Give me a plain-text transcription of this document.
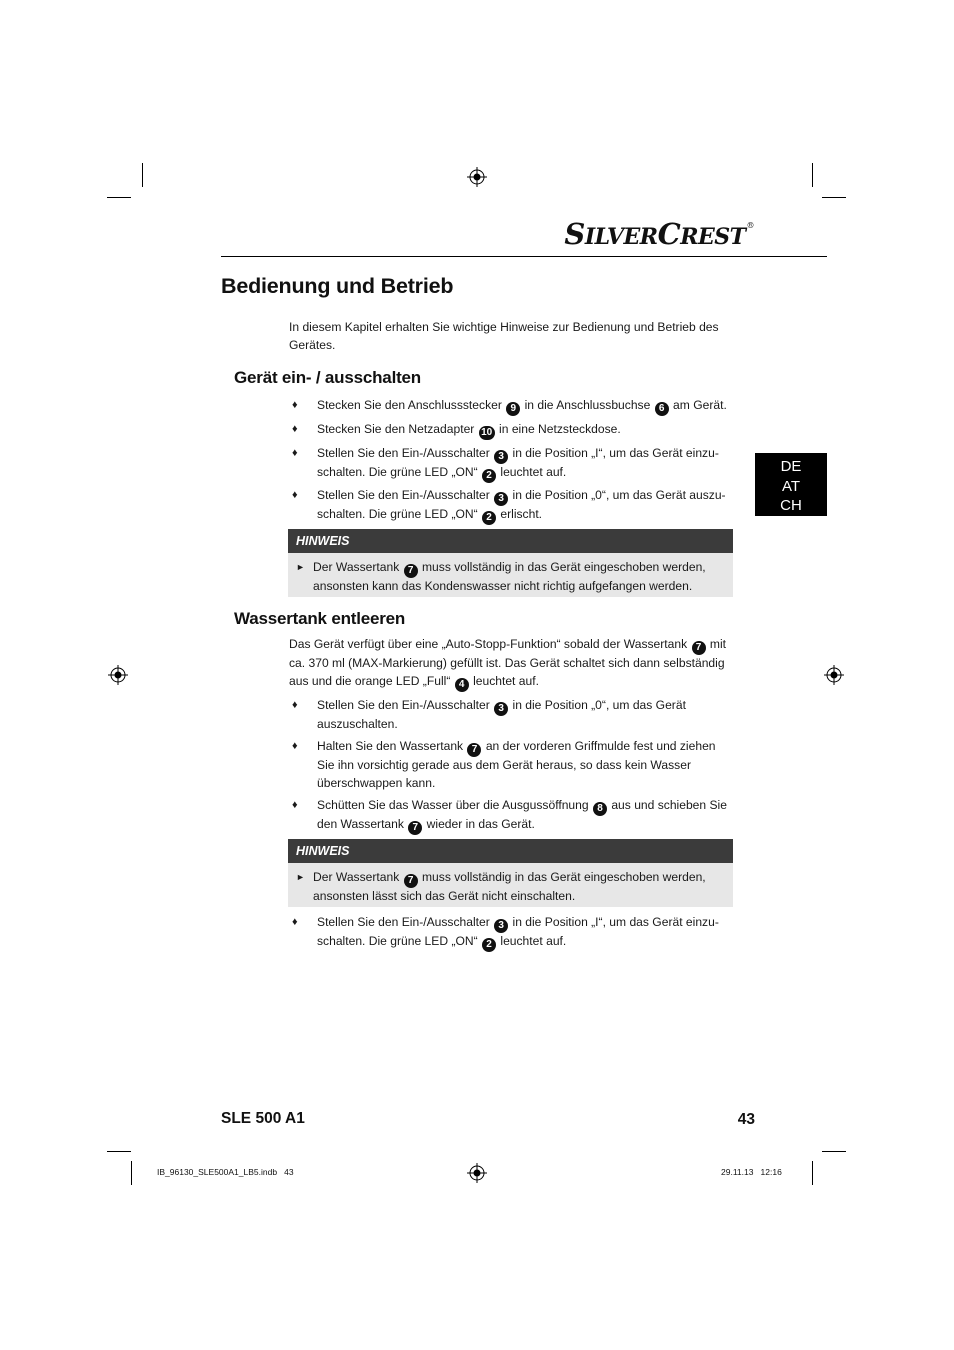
SILVERCREST®
Bedienung und Betrieb

In diesem Kapitel erhalten Sie wichtige Hinweise zur Bedienung und Betrieb des Gerätes.

Gerät ein- / ausschalten
♦ Stecken Sie den Anschlussstecker 9 in die Anschlussbuchse 6 am Gerät.
♦ Stecken Sie den Netzadapter 10 in eine Netzsteckdose.
♦ Stellen Sie den Ein-/Ausschalter 3 in die Position „I“, um das Gerät einzu-schalten. Die grüne LED „ON“ 2 leuchtet auf.
♦ Stellen Sie den Ein-/Ausschalter 3 in die Position „0“, um das Gerät auszu-schalten. Die grüne LED „ON“ 2 erlischt.
HINWEIS
► Der Wassertank 7 muss vollständig in das Gerät eingeschoben werden, ansonsten kann das Kondenswasser nicht richtig aufgefangen werden.
Wassertank entleeren

Das Gerät verfügt über eine „Auto-Stopp-Funktion“ sobald der Wassertank 7 mit ca. 370 ml (MAX-Markierung) gefüllt ist. Das Gerät schaltet sich dann selbständig aus und die orange LED „Full“ 4 leuchtet auf.

♦ Stellen Sie den Ein-/Ausschalter 3 in die Position „0“, um das Gerät auszuschalten.
♦ Halten Sie den Wassertank 7 an der vorderen Griffmulde fest und ziehen Sie ihn vorsichtig gerade aus dem Gerät heraus, so dass kein Wasser überschwappen kann.
♦ Schütten Sie das Wasser über die Ausgussöffnung 8 aus und schieben Sie den Wassertank 7 wieder in das Gerät.
HINWEIS
► Der Wassertank 7 muss vollständig in das Gerät eingeschoben werden, ansonsten lässt sich das Gerät nicht einschalten.
♦ Stellen Sie den Ein-/Ausschalter 3 in die Position „I“, um das Gerät einzu-schalten. Die grüne LED „ON“ 2 leuchtet auf.
DE
AT
CH
SLE 500 A1	43
IB_96130_SLE500A1_LB5.indb   43	29.11.13   12:16
